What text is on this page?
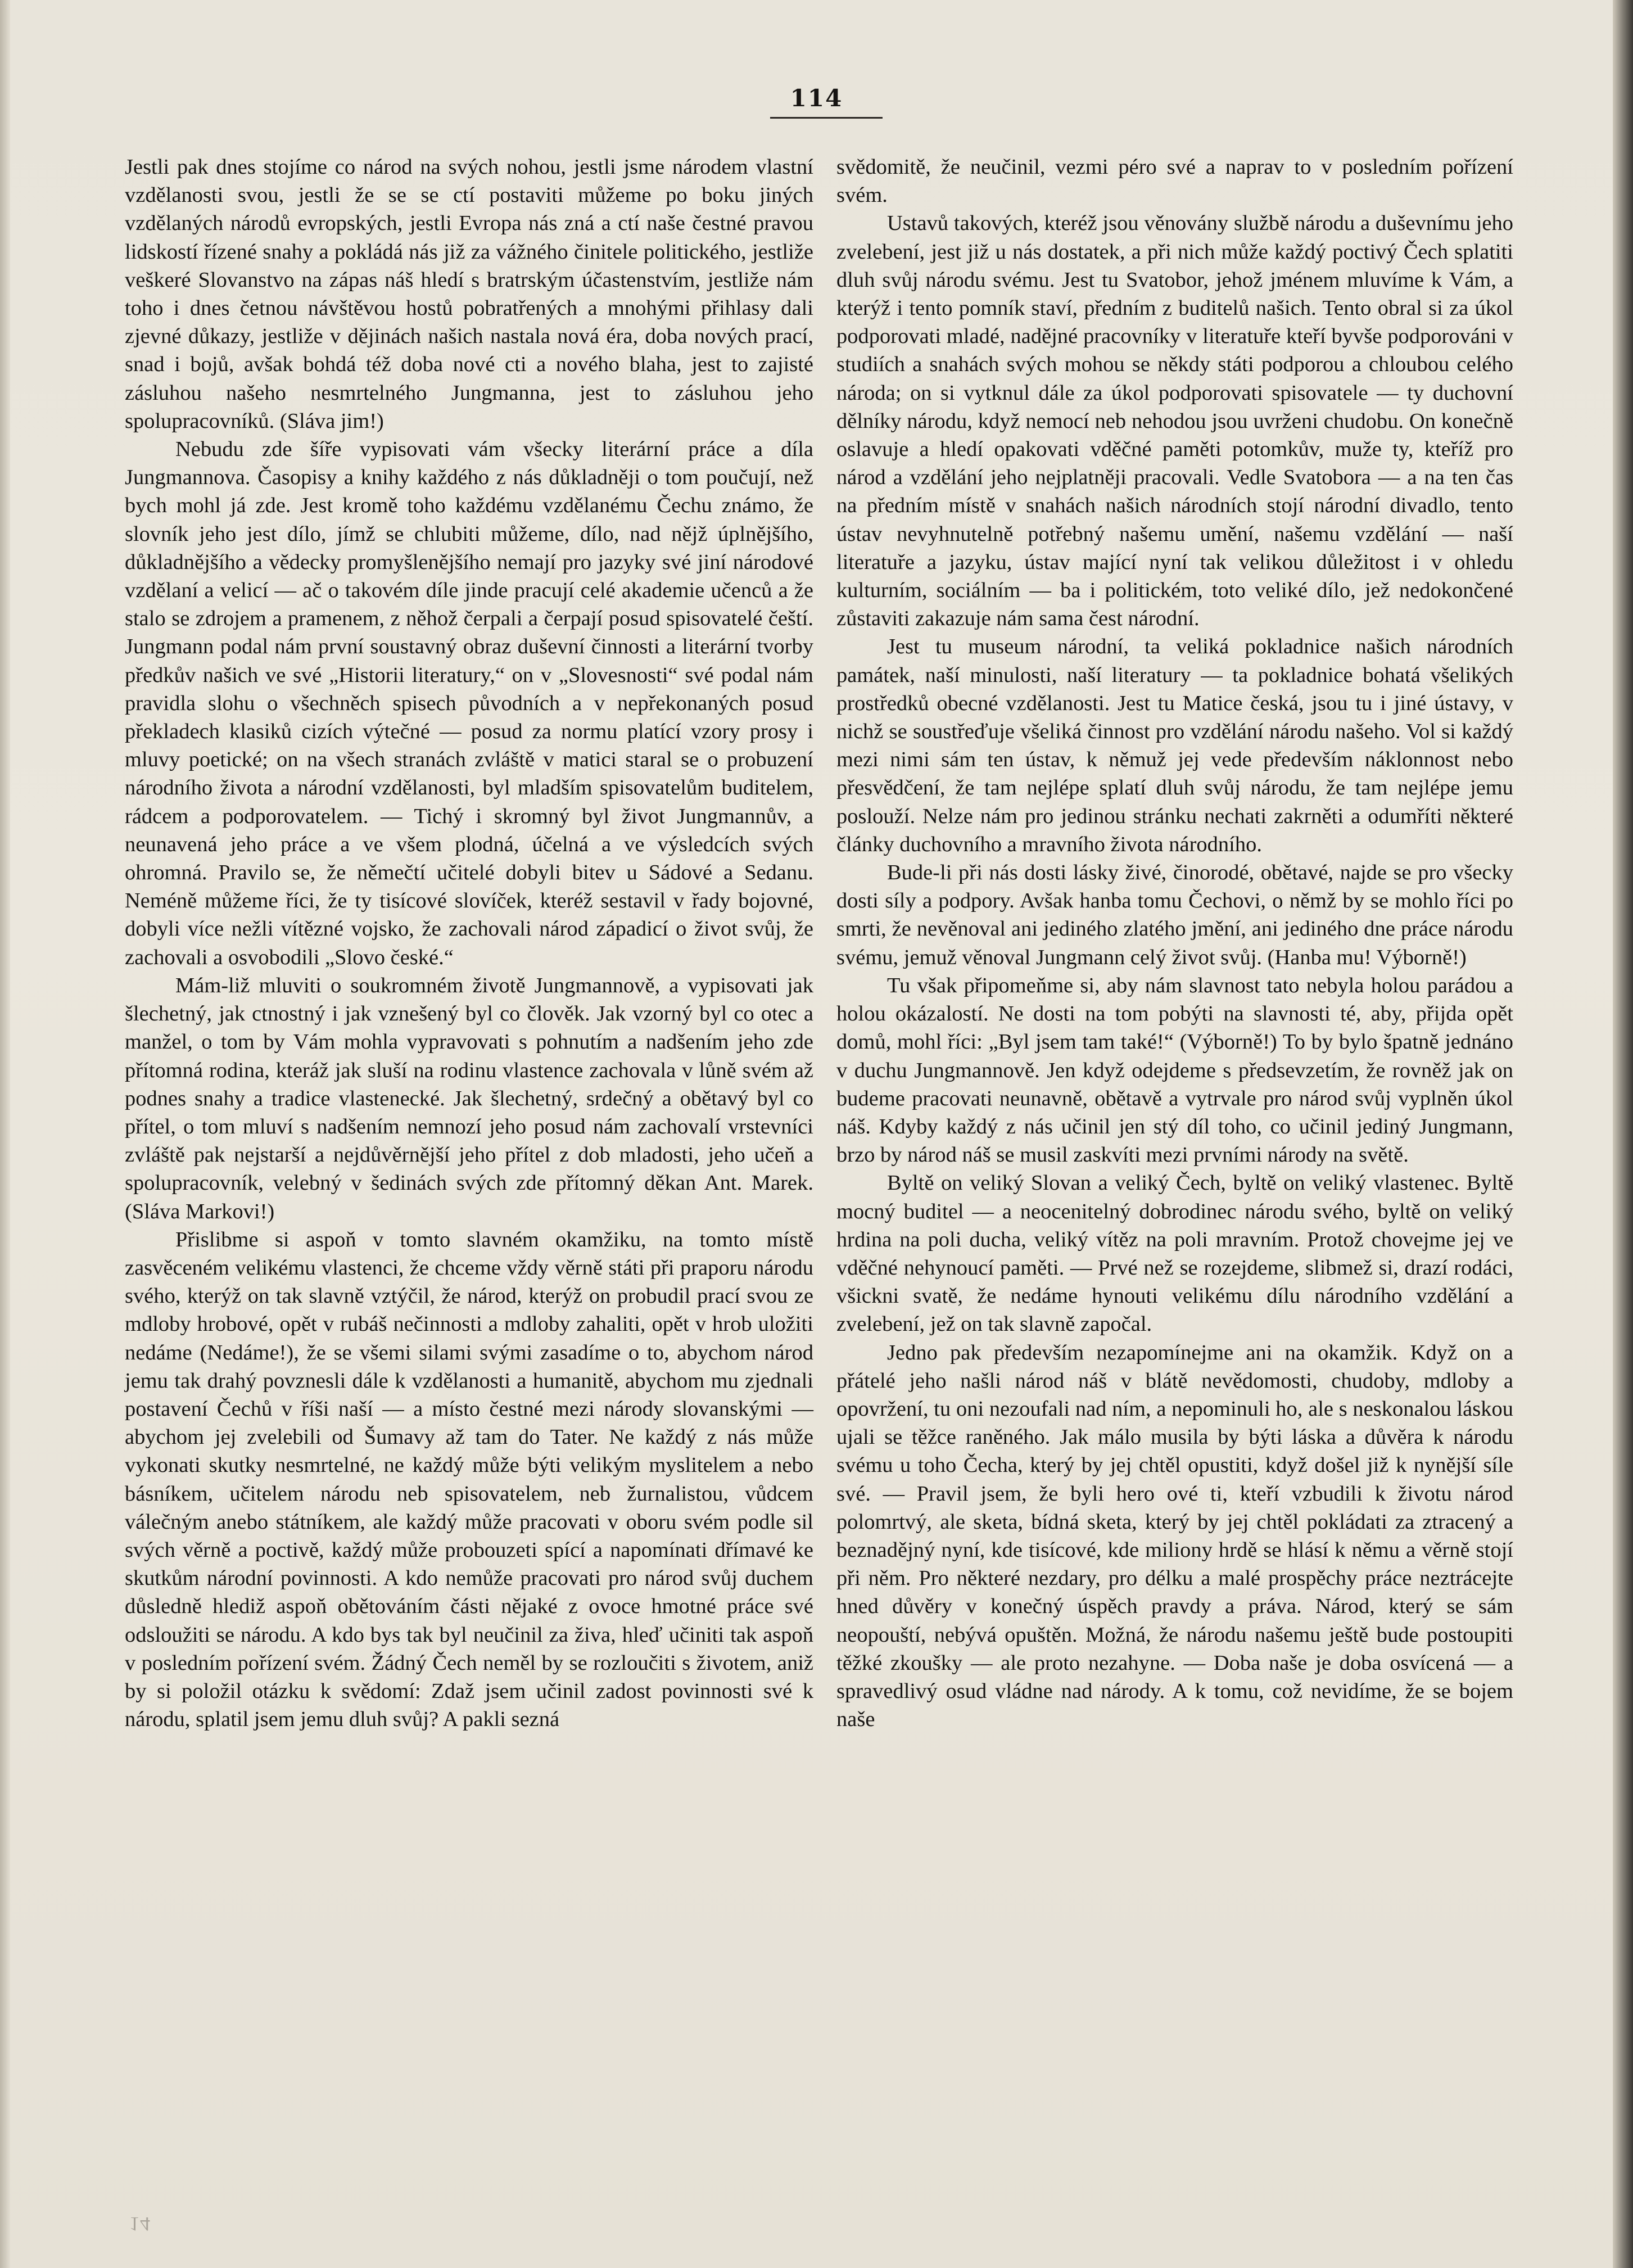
114

Jestli pak dnes stojíme co národ na svých nohou, jestli jsme národem vlastní vzdělanosti svou, jestli že se se ctí postaviti můžeme po boku jiných vzdělaných národů evropských, jestli Evropa nás zná a ctí naše čestné pravou lidskostí řízené snahy a pokládá nás již za vážného činitele politického, jestliže veškeré Slovanstvo na zápas náš hledí s bratrským účastenstvím, jestliže nám toho i dnes četnou návštěvou hostů pobratřených a mnohými přihlasy dali zjevné důkazy, jestliže v dějinách našich nastala nová éra, doba nových prací, snad i bojů, avšak bohdá též doba nové cti a nového blaha, jest to zajisté zásluhou našeho nesmrtelného Jungmanna, jest to zásluhou jeho spolupracovníků. (Sláva jim!)

Nebudu zde šíře vypisovati vám všecky literární práce a díla Jungmannova. Časopisy a knihy každého z nás důkladněji o tom poučují, než bych mohl já zde. Jest kromě toho každému vzdělanému Čechu známo, že slovník jeho jest dílo, jímž se chlubiti můžeme, dílo, nad nějž úplnějšího, důkladnějšího a vědecky promyšlenějšího nemají pro jazyky své jiní národové vzdělaní a velicí — ač o takovém díle jinde pracují celé akademie učenců a že stalo se zdrojem a pramenem, z něhož čerpali a čerpají posud spisovatelé čeští. Jungmann podal nám první soustavný obraz duševní činnosti a literární tvorby předkův našich ve své „Historii literatury,“ on v „Slovesnosti“ své podal nám pravidla slohu o všechněch spisech původních a v nepřekonaných posud překladech klasiků cizích výtečné — posud za normu platící vzory prosy i mluvy poetické; on na všech stranách zvláště v matici staral se o probuzení národního života a národní vzdělanosti, byl mladším spisovatelům buditelem, rádcem a podporovatelem. — Tichý i skromný byl život Jungmannův, a neunavená jeho práce a ve všem plodná, účelná a ve výsledcích svých ohromná. Pravilo se, že němečtí učitelé dobyli bitev u Sádové a Sedanu. Neméně můžeme říci, že ty tisícové slovíček, kteréž sestavil v řady bojovné, dobyli více nežli vítězné vojsko, že zachovali národ západicí o život svůj, že zachovali a osvobodili „Slovo české.“

Mám-liž mluviti o soukromném životě Jungmannově, a vypisovati jak šlechetný, jak ctnostný i jak vznešený byl co člověk. Jak vzorný byl co otec a manžel, o tom by Vám mohla vypravovati s pohnutím a nadšením jeho zde přítomná rodina, kteráž jak sluší na rodinu vlastence zachovala v lůně svém až podnes snahy a tradice vlastenecké. Jak šlechetný, srdečný a obětavý byl co přítel, o tom mluví s nadšením nemnozí jeho posud nám zachovalí vrstevníci zvláště pak nejstarší a nejdůvěrnější jeho přítel z dob mladosti, jeho učeň a spolupracovník, velebný v šedinách svých zde přítomný děkan Ant. Marek. (Sláva Markovi!)

Přislibme si aspoň v tomto slavném okamžiku, na tomto místě zasvěceném velikému vlastenci, že chceme vždy věrně státi při praporu národu svého, kterýž on tak slavně vztýčil, že národ, kterýž on probudil prací svou ze mdloby hrobové, opět v rubáš nečinnosti a mdloby zahaliti, opět v hrob uložiti nedáme (Nedáme!), že se všemi silami svými zasadíme o to, abychom národ jemu tak drahý povznesli dále k vzdělanosti a humanitě, abychom mu zjednali postavení Čechů v říši naší — a místo čestné mezi národy slovanskými — abychom jej zvelebili od Šumavy až tam do Tater. Ne každý z nás může vykonati skutky nesmrtelné, ne každý může býti velikým myslitelem a nebo básníkem, učitelem národu neb spisovatelem, neb žurnalistou, vůdcem válečným anebo státníkem, ale každý může pracovati v oboru svém podle sil svých věrně a poctivě, každý může probouzeti spící a napomínati dřímavé ke skutkům národní povinnosti. A kdo nemůže pracovati pro národ svůj duchem důsledně hlediž aspoň obětováním části nějaké z ovoce hmotné práce své odsloužiti se národu. A kdo bys tak byl neučinil za živa, hleď učiniti tak aspoň v posledním pořízení svém. Žádný Čech neměl by se rozloučiti s životem, aniž by si položil otázku k svědomí: Zdaž jsem učinil zadost povinnosti své k národu, splatil jsem jemu dluh svůj? A pakli sezná

svědomitě, že neučinil, vezmi péro své a naprav to v posledním pořízení svém.

Ustavů takových, kteréž jsou věnovány službě národu a duševnímu jeho zvelebení, jest již u nás dostatek, a při nich může každý poctivý Čech splatiti dluh svůj národu svému. Jest tu Svatobor, jehož jménem mluvíme k Vám, a kterýž i tento pomník staví, předním z buditelů našich. Tento obral si za úkol podporovati mladé, nadějné pracovníky v literatuře kteří byvše podporováni v studiích a snahách svých mohou se někdy státi podporou a chloubou celého národa; on si vytknul dále za úkol podporovati spisovatele — ty duchovní dělníky národu, když nemocí neb nehodou jsou uvrženi chudobu. On konečně oslavuje a hledí opakovati vděčné paměti potomkův, muže ty, kteříž pro národ a vzdělání jeho nejplatněji pracovali. Vedle Svatobora — a na ten čas na předním místě v snahách našich národních stojí národní divadlo, tento ústav nevyhnutelně potřebný našemu umění, našemu vzdělání — naší literatuře a jazyku, ústav mající nyní tak velikou důležitost i v ohledu kulturním, sociálním — ba i politickém, toto veliké dílo, jež nedokončené zůstaviti zakazuje nám sama čest národní.

Jest tu museum národní, ta veliká pokladnice našich národních památek, naší minulosti, naší literatury — ta pokladnice bohatá všelikých prostředků obecné vzdělanosti. Jest tu Matice česká, jsou tu i jiné ústavy, v nichž se soustřeďuje všeliká činnost pro vzdělání národu našeho. Vol si každý mezi nimi sám ten ústav, k němuž jej vede především náklonnost nebo přesvědčení, že tam nejlépe splatí dluh svůj národu, že tam nejlépe jemu poslouží. Nelze nám pro jedinou stránku nechati zakrněti a odumříti některé články duchovního a mravního života národního.

Bude-li při nás dosti lásky živé, činorodé, obětavé, najde se pro všecky dosti síly a podpory. Avšak hanba tomu Čechovi, o němž by se mohlo říci po smrti, že nevěnoval ani jediného zlatého jmění, ani jediného dne práce národu svému, jemuž věnoval Jungmann celý život svůj. (Hanba mu! Výborně!)

Tu však připomeňme si, aby nám slavnost tato nebyla holou parádou a holou okázalostí. Ne dosti na tom pobýti na slavnosti té, aby, přijda opět domů, mohl říci: „Byl jsem tam také!“ (Výborně!) To by bylo špatně jednáno v duchu Jungmannově. Jen když odejdeme s předsevzetím, že rovněž jak on budeme pracovati neunavně, obětavě a vytrvale pro národ svůj vyplněn úkol náš. Kdyby každý z nás učinil jen stý díl toho, co učinil jediný Jungmann, brzo by národ náš se musil zaskvíti mezi prvními národy na světě.

Byltě on veliký Slovan a veliký Čech, byltě on veliký vlastenec. Byltě mocný buditel — a neocenitelný dobrodinec národu svého, byltě on veliký hrdina na poli ducha, veliký vítěz na poli mravním. Protož chovejme jej ve vděčné nehynoucí paměti. — Prvé než se rozejdeme, slibmež si, drazí rodáci, všickni svatě, že nedáme hynouti velikému dílu národního vzdělání a zvelebení, jež on tak slavně započal.

Jedno pak především nezapomínejme ani na okamžik. Když on a přátelé jeho našli národ náš v blátě nevědomosti, chudoby, mdloby a opovržení, tu oni nezoufali nad ním, a nepominuli ho, ale s neskonalou láskou ujali se těžce raněného. Jak málo musila by býti láska a důvěra k národu svému u toho Čecha, který by jej chtěl opustiti, když došel již k nynější síle své. — Pravil jsem, že byli hero ové ti, kteří vzbudili k životu národ polomrtvý, ale sketa, bídná sketa, který by jej chtěl pokládati za ztracený a beznadějný nyní, kde tisícové, kde miliony hrdě se hlásí k němu a věrně stojí při něm. Pro některé nezdary, pro délku a malé prospěchy práce neztrácejte hned důvěry v konečný úspěch pravdy a práva. Národ, který se sám neopouští, nebývá opuštěn. Možná, že národu našemu ještě bude postoupiti těžké zkoušky — ale proto nezahyne. — Doba naše je doba osvícená — a spravedlivý osud vládne nad národy. A k tomu, což nevidíme, že se bojem naše

14
